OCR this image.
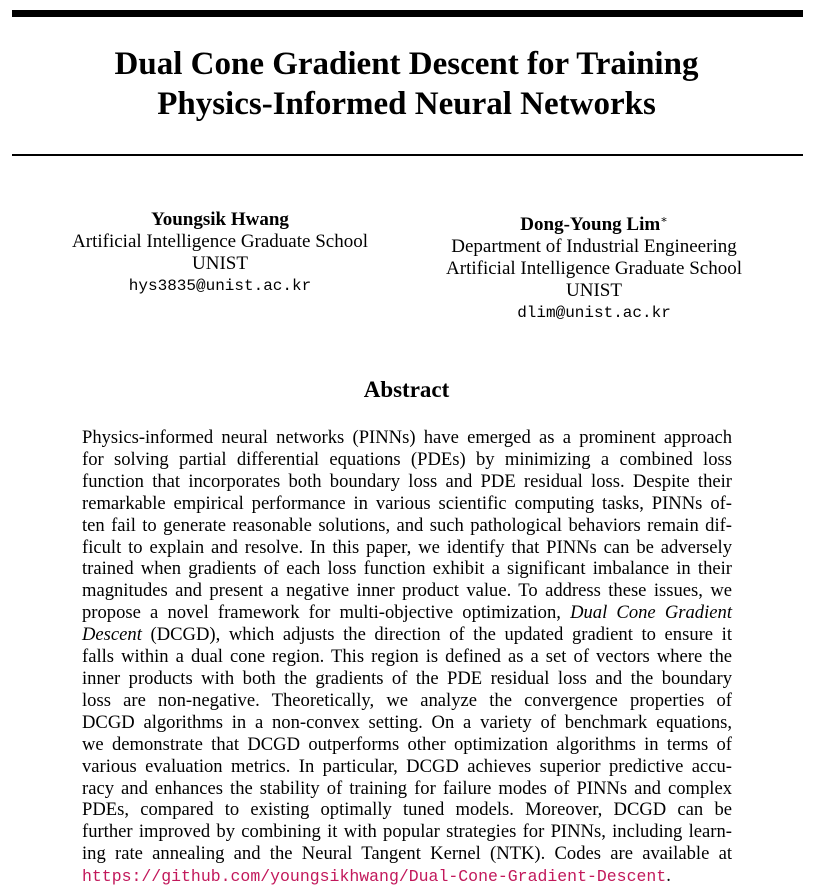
Dual Cone Gradient Descent for Training
Physics-Informed Neural Networks
Youngsik Hwang
Artificial Intelligence Graduate School
UNIST
hys3835@unist.ac.kr
Dong-Young Lim∗
Department of Industrial Engineering
Artificial Intelligence Graduate School
UNIST
dlim@unist.ac.kr
Abstract
Physics-informed neural networks (PINNs) have emerged as a prominent approach
for solving partial differential equations (PDEs) by minimizing a combined loss
function that incorporates both boundary loss and PDE residual loss. Despite their
remarkable empirical performance in various scientific computing tasks, PINNs of-
ten fail to generate reasonable solutions, and such pathological behaviors remain dif-
ficult to explain and resolve. In this paper, we identify that PINNs can be adversely
trained when gradients of each loss function exhibit a significant imbalance in their
magnitudes and present a negative inner product value. To address these issues, we
propose a novel framework for multi-objective optimization, Dual Cone Gradient
Descent (DCGD), which adjusts the direction of the updated gradient to ensure it
falls within a dual cone region. This region is defined as a set of vectors where the
inner products with both the gradients of the PDE residual loss and the boundary
loss are non-negative. Theoretically, we analyze the convergence properties of
DCGD algorithms in a non-convex setting. On a variety of benchmark equations,
we demonstrate that DCGD outperforms other optimization algorithms in terms of
various evaluation metrics. In particular, DCGD achieves superior predictive accu-
racy and enhances the stability of training for failure modes of PINNs and complex
PDEs, compared to existing optimally tuned models. Moreover, DCGD can be
further improved by combining it with popular strategies for PINNs, including learn-
ing rate annealing and the Neural Tangent Kernel (NTK). Codes are available at
https://github.com/youngsikhwang/Dual-Cone-Gradient-Descent.
